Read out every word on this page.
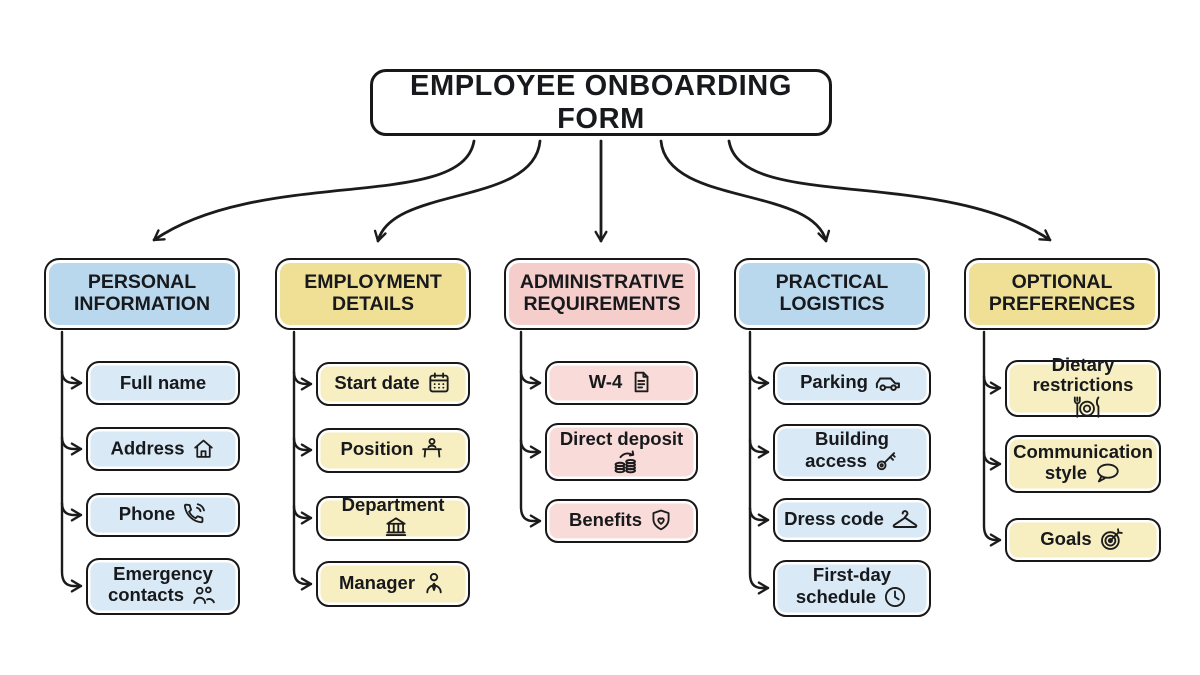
EMPLOYEE ONBOARDING FORM
PERSONAL INFORMATION
Full name
Address
Phone
Emergency contacts
EMPLOYMENT DETAILS
Start date
Position
Department
Manager
ADMINISTRATIVE REQUIREMENTS
W-4
Direct deposit
Benefits
PRACTICAL LOGISTICS
Parking
Building access
Dress code
First-day schedule
OPTIONAL PREFERENCES
Dietary restrictions
Communication style
Goals
